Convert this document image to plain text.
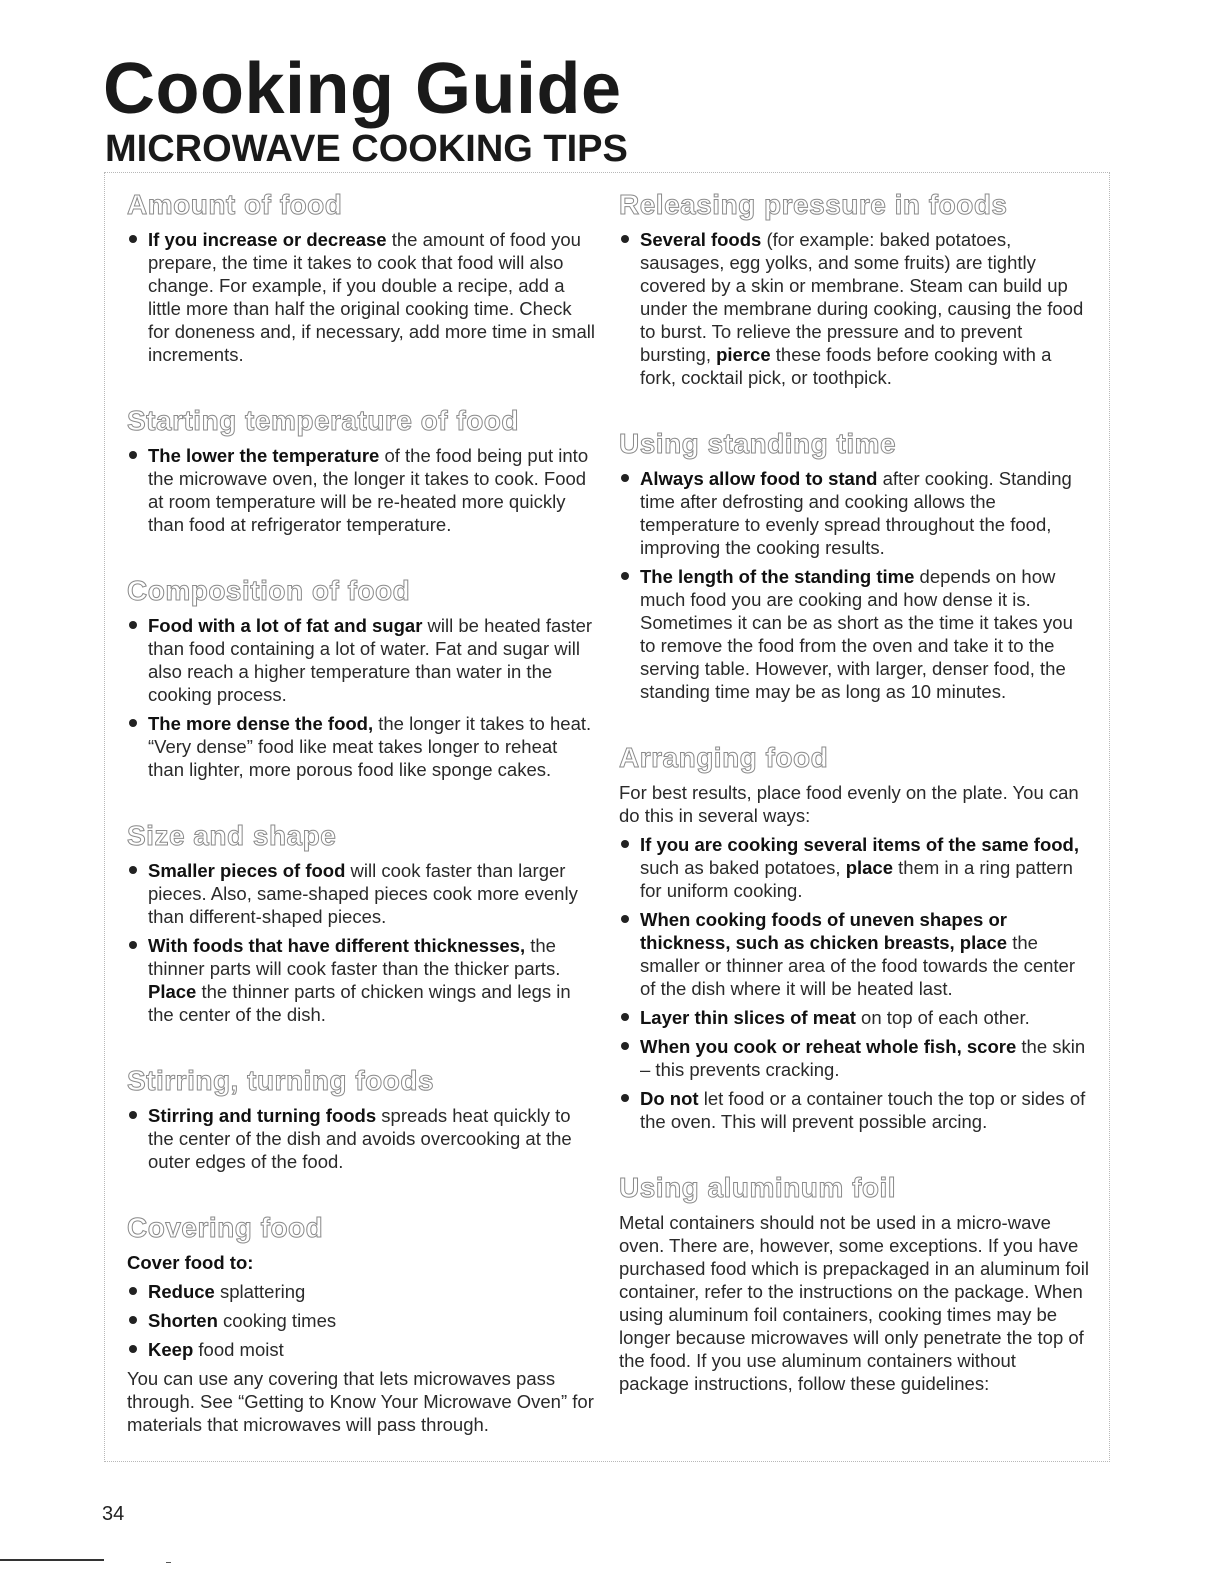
Cooking Guide
MICROWAVE COOKING TIPS
Amount of food
If you increase or decrease the amount of food you prepare, the time it takes to cook that food will also change. For example, if you double a recipe, add a little more than half the original cooking time. Check for doneness and, if necessary, add more time in small increments.
Starting temperature of food
The lower the temperature of the food being put into the microwave oven, the longer it takes to cook. Food at room temperature will be re-heated more quickly than food at refrigerator temperature.
Composition of food
Food with a lot of fat and sugar will be heated faster than food containing a lot of water. Fat and sugar will also reach a higher temperature than water in the cooking process.
The more dense the food, the longer it takes to heat. “Very dense” food like meat takes longer to reheat than lighter, more porous food like sponge cakes.
Size and shape
Smaller pieces of food will cook faster than larger pieces. Also, same-shaped pieces cook more evenly than different-shaped pieces.
With foods that have different thicknesses, the thinner parts will cook faster than the thicker parts. Place the thinner parts of chicken wings and legs in the center of the dish.
Stirring, turning foods
Stirring and turning foods spreads heat quickly to the center of the dish and avoids overcooking at the outer edges of the food.
Covering food

Cover food to:

Reduce splattering
Shorten cooking times
Keep food moist

You can use any covering that lets microwaves pass through. See “Getting to Know Your Microwave Oven” for materials that microwaves will pass through.

Releasing pressure in foods
Several foods (for example: baked potatoes, sausages, egg yolks, and some fruits) are tightly covered by a skin or membrane. Steam can build up under the membrane during cooking, causing the food to burst. To relieve the pressure and to prevent bursting, pierce these foods before cooking with a fork, cocktail pick, or toothpick.
Using standing time
Always allow food to stand after cooking. Standing time after defrosting and cooking allows the temperature to evenly spread throughout the food, improving the cooking results.
The length of the standing time depends on how much food you are cooking and how dense it is. Sometimes it can be as short as the time it takes you to remove the food from the oven and take it to the serving table. However, with larger, denser food, the standing time may be as long as 10 minutes.
Arranging food

For best results, place food evenly on the plate. You can do this in several ways:

If you are cooking several items of the same food, such as baked potatoes, place them in a ring pattern for uniform cooking.
When cooking foods of uneven shapes or thickness, such as chicken breasts, place the smaller or thinner area of the food towards the center of the dish where it will be heated last.
Layer thin slices of meat on top of each other.
When you cook or reheat whole fish, score the skin – this prevents cracking.
Do not let food or a container touch the top or sides of the oven. This will prevent possible arcing.
Using aluminum foil

Metal containers should not be used in a micro-wave oven. There are, however, some exceptions. If you have purchased food which is prepackaged in an aluminum foil container, refer to the instructions on the package. When using aluminum foil containers, cooking times may be longer because microwaves will only penetrate the top of the food. If you use aluminum containers without package instructions, follow these guidelines:

34
